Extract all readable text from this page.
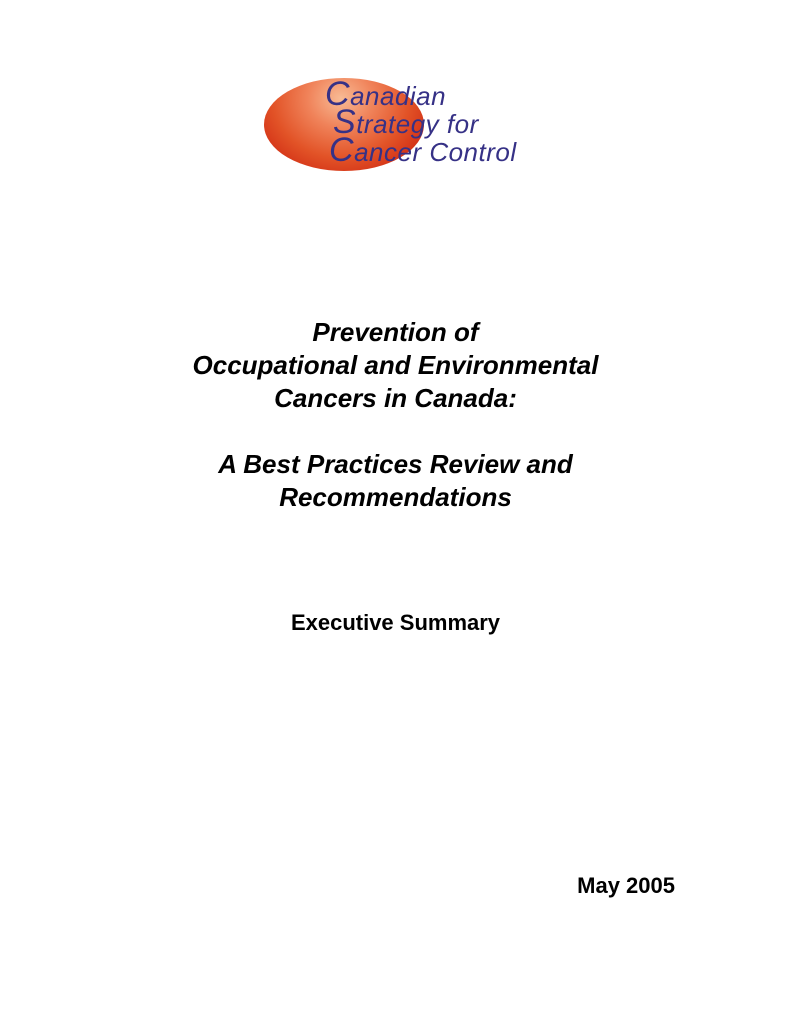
Canadian

Strategy for

Cancer Control

Prevention of

Occupational and Environmental

Cancers in Canada:

A Best Practices Review and

Recommendations

Executive Summary

May 2005
